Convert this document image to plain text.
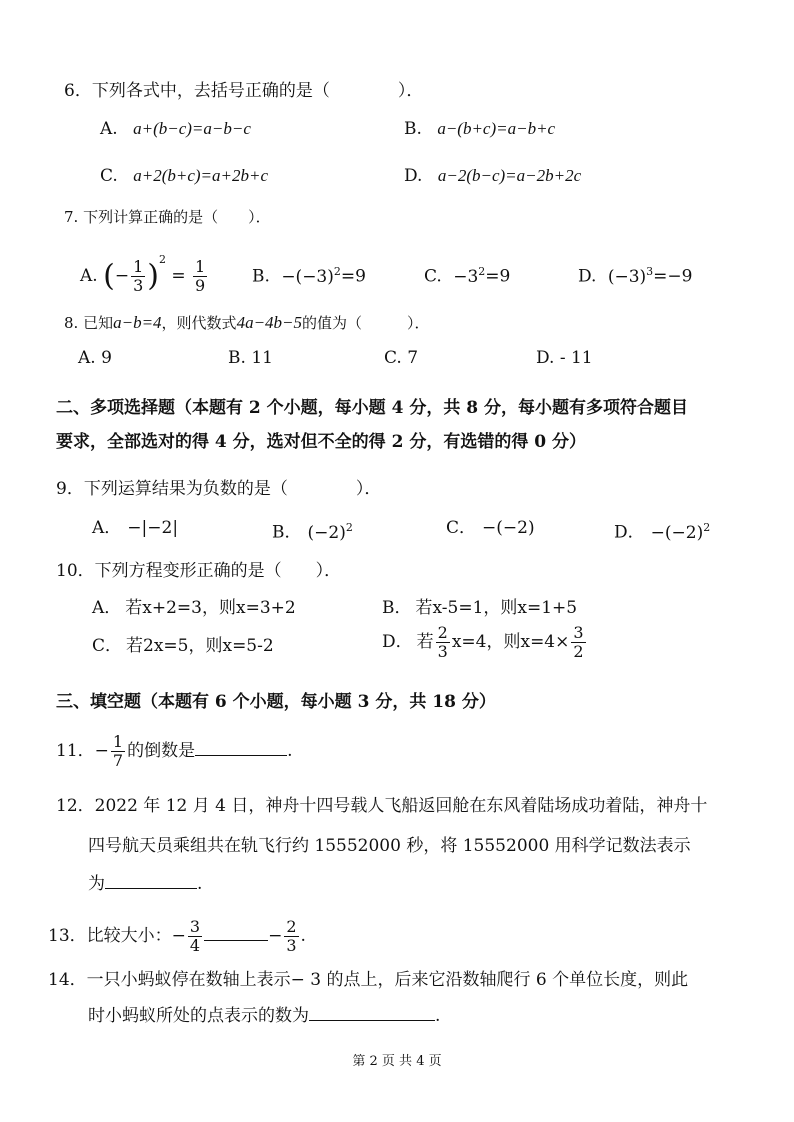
6．下列各式中，去括号正确的是（　　　　）．
A. a+(b−c)=a−b−c	B. a−(b+c)=a−b+c
C. a+2(b+c)=a+2b+c	D. a−2(b−c)=a−2b+2c
7. 下列计算正确的是（　　）．
A. (− $\frac{1}{3} )^2 = \frac{1}{9}$	B. $-(-3)^2=9$	C. $-3^2=9$	D. $(-3)^3=-9$
8. 已知a−b=4，则代数式4a−4b−5的值为（　　　）．
A. 9	B. 11	C. 7	D. - 11
二、多项选择题（本题有 2 个小题，每小题 4 分，共 8 分，每小题有多项符合题目
要求，全部选对的得 4 分，选对但不全的得 2 分，有选错的得 0 分）
9．下列运算结果为负数的是（　　　　）．
A． −|−2|	B． $(-2)^2$	C． −(−2)	D． $-(-2)^2$
10．下列方程变形正确的是（　　）．
A． 若x+2=3，则x=3+2	B． 若x-5=1，则x=1+5
C． 若2x=5，则x=5-2	D． 若 $\frac{2}{3} x=4$，则$x=4\times \frac{3}{2}$
三、填空题（本题有 6 个小题，每小题 3 分，共 18 分）
11．− $\frac{1}{7}$ 的倒数是	.
12．2022 年 12 月 4 日，神舟十四号载人飞船返回舱在东风着陆场成功着陆，神舟十
四号航天员乘组共在轨飞行约 15552000 秒，将 15552000 用科学记数法表示
为	.
13．比较大小：− $\frac{3}{4}$	− $\frac{2}{3}$ .
14．一只小蚂蚁停在数轴上表示− 3 的点上，后来它沿数轴爬行 6 个单位长度，则此
时小蚂蚁所处的点表示的数为	.
第 2 页 共 4 页
